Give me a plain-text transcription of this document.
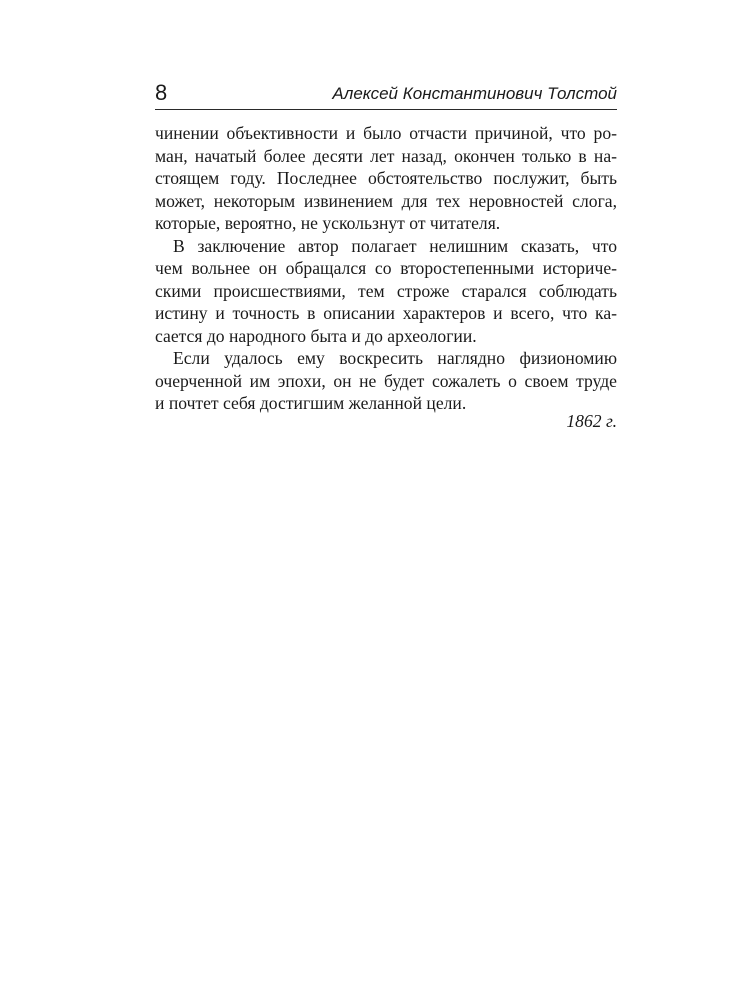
8	Алексей Константинович Толстой
чинении объективности и было отчасти причиной, что ро-
ман, начатый более десяти лет назад, окончен только в на-
стоящем году. Последнее обстоятельство послужит, быть
может, некоторым извинением для тех неровностей слога,
которые, вероятно, не ускользнут от читателя.
В заключение автор полагает нелишним сказать, что
чем вольнее он обращался со второстепенными историче-
скими происшествиями, тем строже старался соблюдать
истину и точность в описании характеров и всего, что ка-
сается до народного быта и до археологии.
Если удалось ему воскресить наглядно физиономию
очерченной им эпохи, он не будет сожалеть о своем труде
и почтет себя достигшим желанной цели.
1862 г.
